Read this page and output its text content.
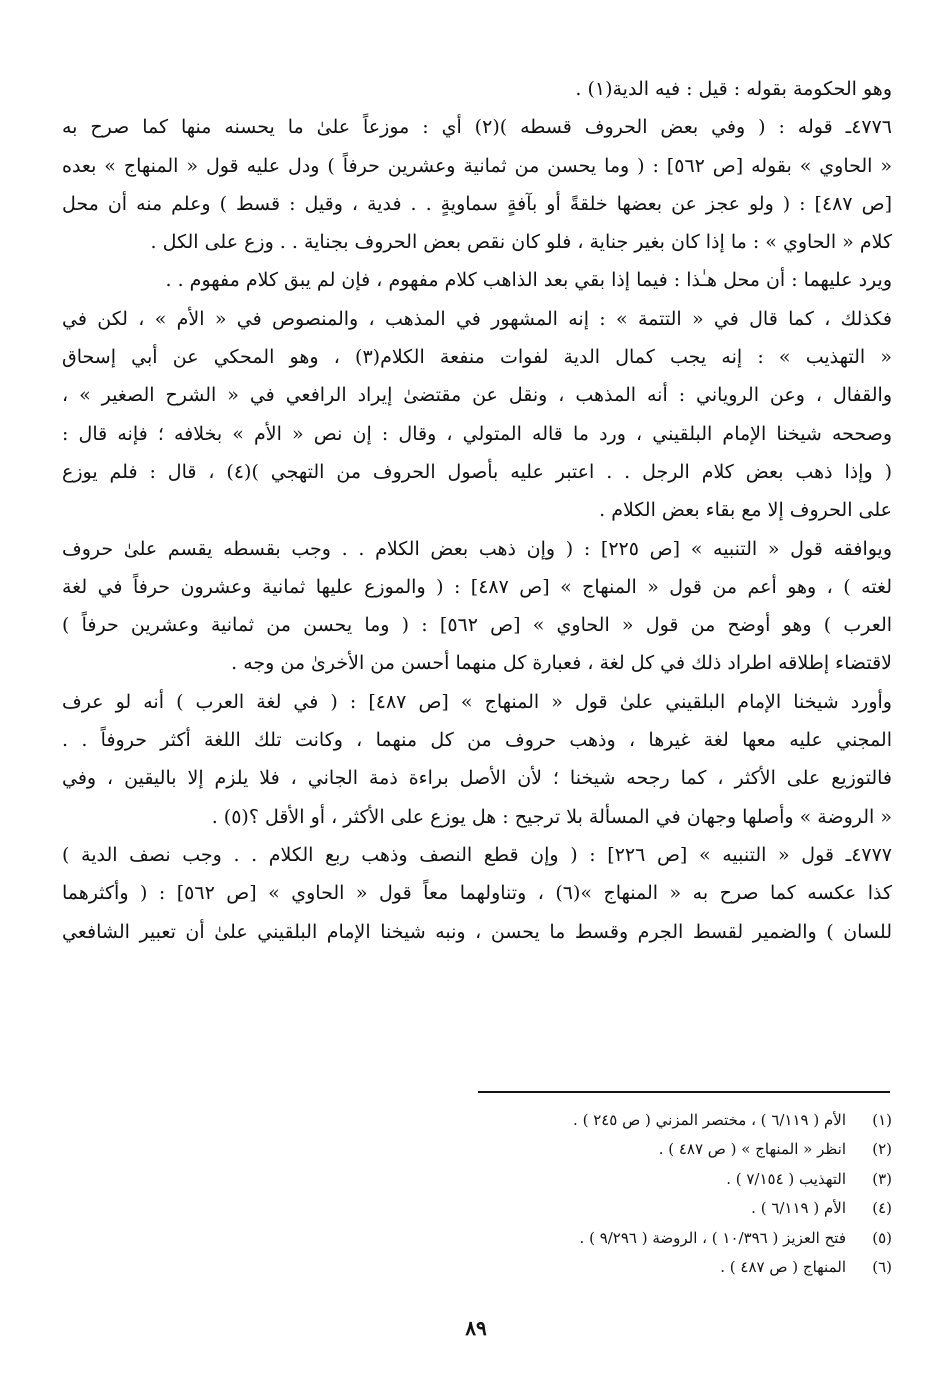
وهو الحكومة بقوله : قيل : فيه الدية(١) .
٤٧٧٦ـ قوله : ( وفي بعض الحروف قسطه )(٢) أي : موزعاً علىٰ ما يحسنه منها كما صرح به
« الحاوي » بقوله [ص ٥٦٢] : ( وما يحسن من ثمانية وعشرين حرفاً ) ودل عليه قول « المنهاج » بعده
[ص ٤٨٧] : ( ولو عجز عن بعضها خلقةً أو بآفةٍ سماويةٍ . . فدية ، وقيل : قسط ) وعلم منه أن محل
كلام « الحاوي » : ما إذا كان بغير جناية ، فلو كان نقص بعض الحروف بجناية . . وزع على الكل .
ويرد عليهما : أن محل هـٰذا : فيما إذا بقي بعد الذاهب كلام مفهوم ، فإن لم يبق كلام مفهوم . .
فكذلك ، كما قال في « التتمة » : إنه المشهور في المذهب ، والمنصوص في « الأم » ، لكن في
« التهذيب » : إنه يجب كمال الدية لفوات منفعة الكلام(٣) ، وهو المحكي عن أبي إسحاق
والقفال ، وعن الروياني : أنه المذهب ، ونقل عن مقتضىٰ إيراد الرافعي في « الشرح الصغير » ،
وصححه شيخنا الإمام البلقيني ، ورد ما قاله المتولي ، وقال : إن نص « الأم » بخلافه ؛ فإنه قال :
( وإذا ذهب بعض كلام الرجل . . اعتبر عليه بأصول الحروف من التهجي )(٤) ، قال : فلم يوزع
على الحروف إلا مع بقاء بعض الكلام .
ويوافقه قول « التنبيه » [ص ٢٢٥] : ( وإن ذهب بعض الكلام . . وجب بقسطه يقسم علىٰ حروف
لغته ) ، وهو أعم من قول « المنهاج » [ص ٤٨٧] : ( والموزع عليها ثمانية وعشرون حرفاً في لغة
العرب ) وهو أوضح من قول « الحاوي » [ص ٥٦٢] : ( وما يحسن من ثمانية وعشرين حرفاً )
لاقتضاء إطلاقه اطراد ذلك في كل لغة ، فعبارة كل منهما أحسن من الأخرىٰ من وجه .
وأورد شيخنا الإمام البلقيني علىٰ قول « المنهاج » [ص ٤٨٧] : ( في لغة العرب ) أنه لو عرف
المجني عليه معها لغة غيرها ، وذهب حروف من كل منهما ، وكانت تلك اللغة أكثر حروفاً . .
فالتوزيع على الأكثر ، كما رجحه شيخنا ؛ لأن الأصل براءة ذمة الجاني ، فلا يلزم إلا باليقين ، وفي
« الروضة » وأصلها وجهان في المسألة بلا ترجيح : هل يوزع على الأكثر ، أو الأقل ؟(٥) .
٤٧٧٧ـ قول « التنبيه » [ص ٢٢٦] : ( وإن قطع النصف وذهب ربع الكلام . . وجب نصف الدية )
كذا عكسه كما صرح به « المنهاج »(٦) ، وتناولهما معاً قول « الحاوي » [ص ٥٦٢] : ( وأكثرهما
للسان ) والضمير لقسط الجرم وقسط ما يحسن ، ونبه شيخنا الإمام البلقيني علىٰ أن تعبير الشافعي
(١)الأم ( ٦/١١٩ ) ، مختصر المزني ( ص ٢٤٥ ) .
(٢)انظر « المنهاج » ( ص ٤٨٧ ) .
(٣)التهذيب ( ٧/١٥٤ ) .
(٤)الأم ( ٦/١١٩ ) .
(٥)فتح العزيز ( ١٠/٣٩٦ ) ، الروضة ( ٩/٢٩٦ ) .
(٦)المنهاج ( ص ٤٨٧ ) .
٨٩
